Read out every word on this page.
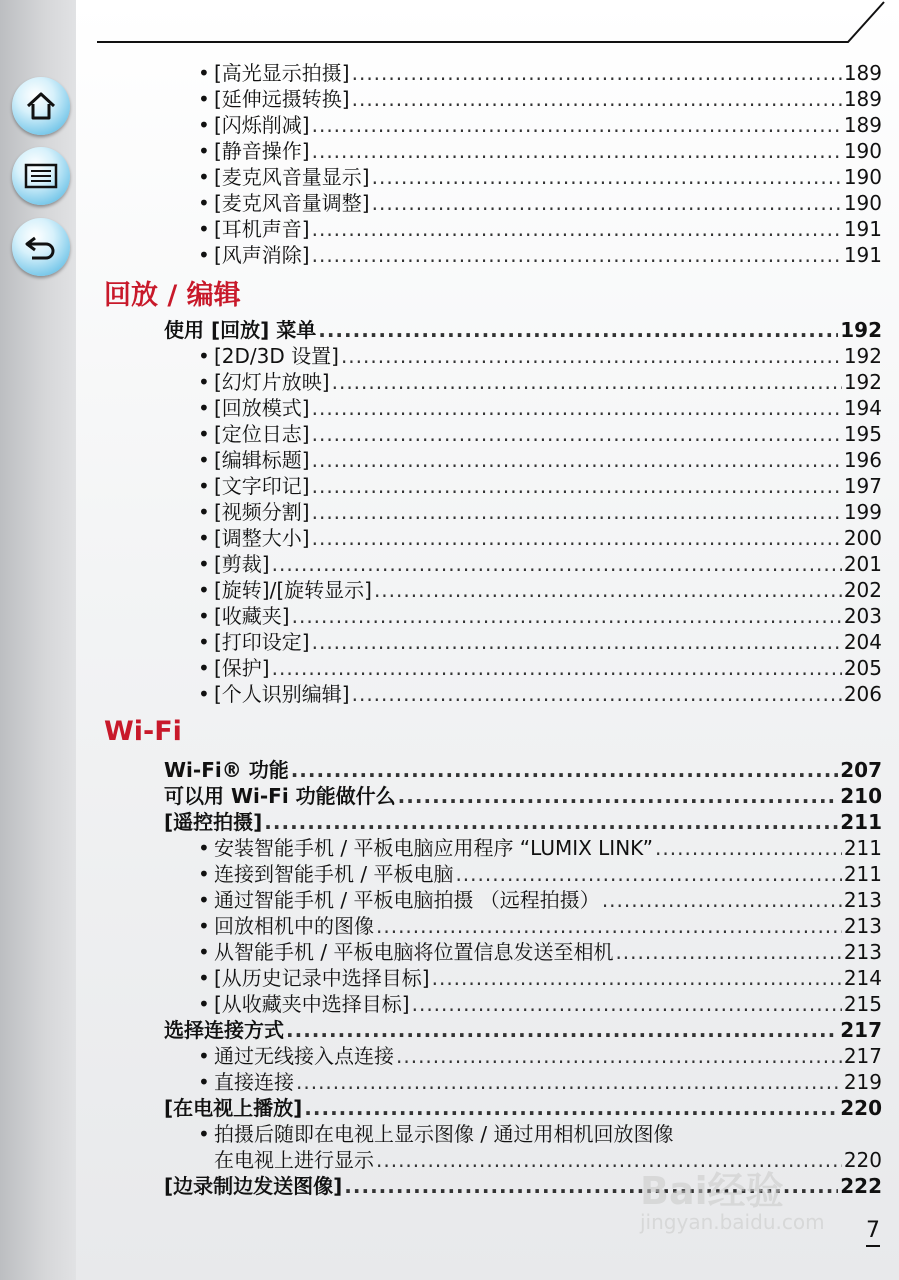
• [高光显示拍摄] .....	189
• [延伸远摄转换] .....	189
• [闪烁削减] .....	189
• [静音操作] .....	190
• [麦克风音量显示] .....	190
• [麦克风音量调整] .....	190
• [耳机声音] .....	191
• [风声消除] .....	191
回放 / 编辑
使用 [回放] 菜单 .....	192
• [2D/3D 设置] .....	192
• [幻灯片放映] .....	192
• [回放模式] .....	194
• [定位日志] .....	195
• [编辑标题] .....	196
• [文字印记] .....	197
• [视频分割] .....	199
• [调整大小] .....	200
• [剪裁] .....	201
• [旋转]/[旋转显示] .....	202
• [收藏夹] .....	203
• [打印设定] .....	204
• [保护] .....	205
• [个人识别编辑] .....	206
Wi-Fi
Wi-Fi® 功能 .....	207
可以用 Wi-Fi 功能做什么 .....	210
[遥控拍摄] .....	211
• 安装智能手机 / 平板电脑应用程序 “LUMIX LINK” .....	211
• 连接到智能手机 / 平板电脑 .....	211
• 通过智能手机 / 平板电脑拍摄 （远程拍摄） .....	213
• 回放相机中的图像 .....	213
• 从智能手机 / 平板电脑将位置信息发送至相机 .....	213
• [从历史记录中选择目标] .....	214
• [从收藏夹中选择目标] .....	215
选择连接方式 .....	217
• 通过无线接入点连接 .....	217
• 直接连接 .....	219
[在电视上播放] .....	220
• 拍摄后随即在电视上显示图像 / 通过用相机回放图像
在电视上进行显示 .....	220
[边录制边发送图像] .....	222
Bai经验
jingyan.baidu.com 7
